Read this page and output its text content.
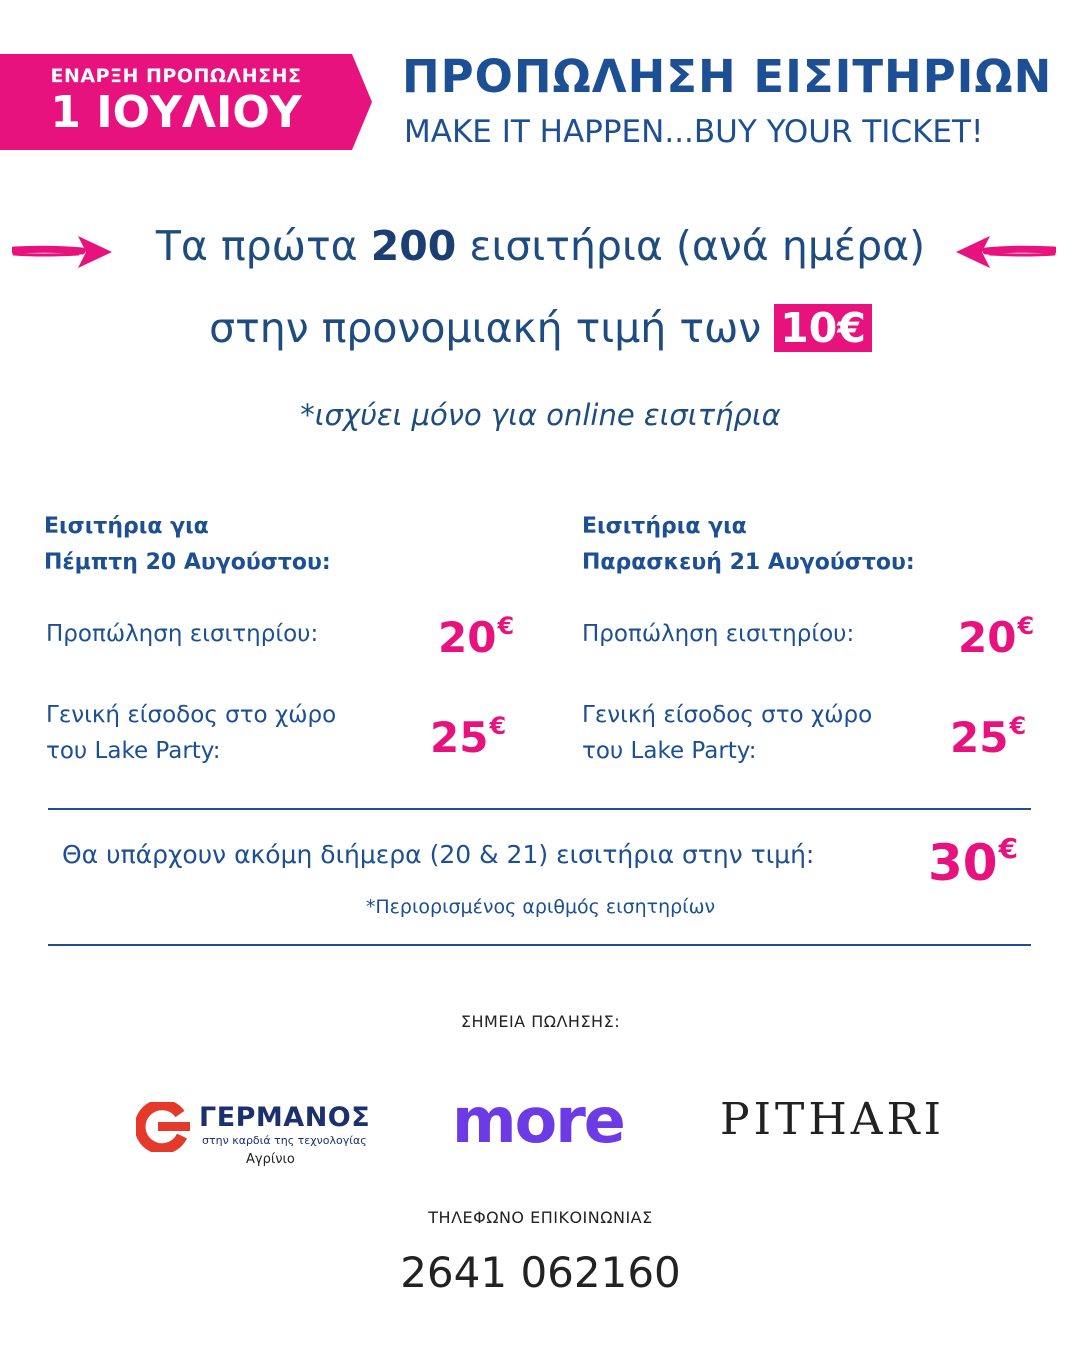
ΕΝΑΡΞΗ ΠΡΟΠΩΛΗΣΗΣ
1 ΙΟΥΛΙΟΥ
ΠΡΟΠΩΛΗΣΗ ΕΙΣΙΤΗΡΙΩΝ
MAKE IT HAPPEN...BUY YOUR TICKET!
Τα πρώτα 200 εισιτήρια (ανά ημέρα)
στην προνομιακή τιμή των 10€
*ισχύει μόνο για online εισιτήρια
Εισιτήρια για
Πέμπτη 20 Αυγούστου:
Προπώληση εισιτηρίου:	20€
Γενική είσοδος στο χώρο
του Lake Party:	25€
Εισιτήρια για
Παρασκευή 21 Αυγούστου:
Προπώληση εισιτηρίου: 20€
Γενική είσοδος στο χώρο
του Lake Party:	25€
Θα υπάρχουν ακόμη διήμερα (20 & 21) εισιτήρια στην τιμή: 30€
*Περιορισμένος αριθμός εισητηρίων
ΣΗΜΕΙΑ ΠΩΛΗΣΗΣ:
ΓΕΡΜΑΝΟΣ
στην καρδιά της τεχνολογίας
Αγρίνιο
more PITHARI
ΤΗΛΕΦΩΝΟ ΕΠΙΚΟΙΝΩΝΙΑΣ
2641 062160
